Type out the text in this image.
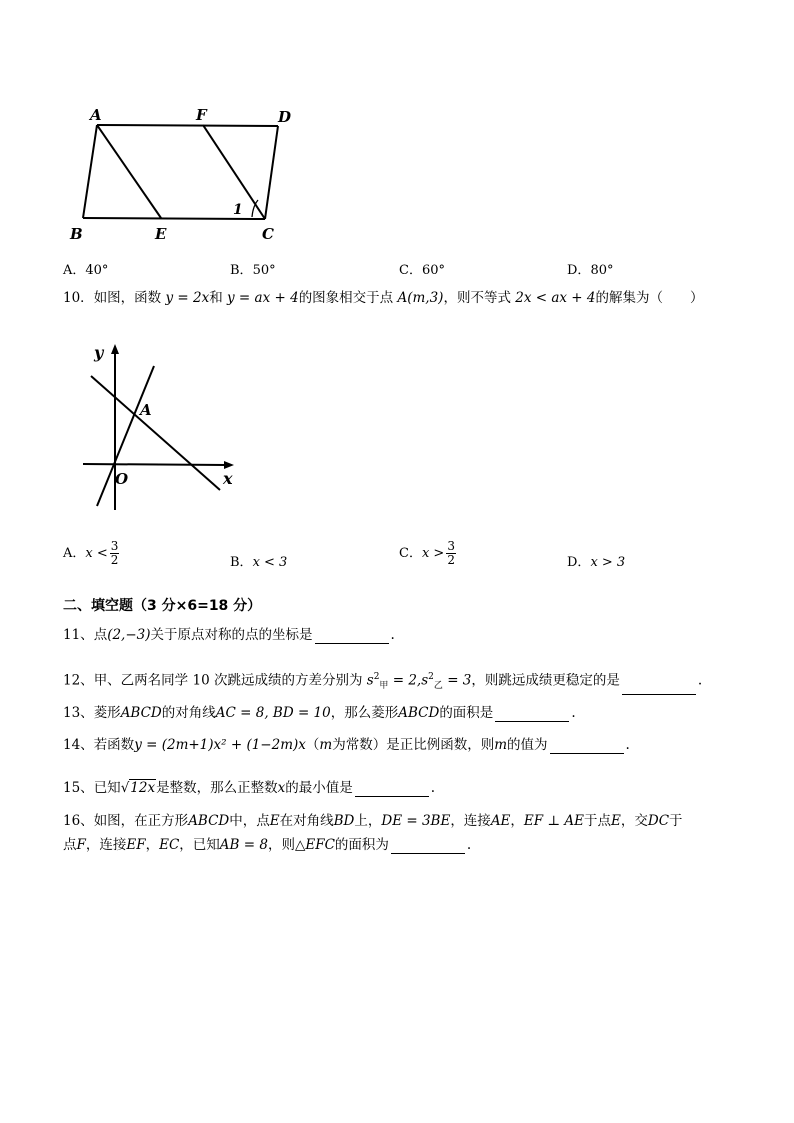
A	F	D
B	E	C
1
A．40°	B．50°	C．60°	D．80°
10．如图，函数 y = 2x和 y = ax + 4的图象相交于点 A(m,3)，则不等式 2x < ax + 4的解集为（　　）
y
A
O	x
A．$x < \frac{3}{2}$	B．x < 3
C．$x > \frac{3}{2}$	D．x > 3
二、填空题（3 分×6=18 分）
11、点(2,−3)关于原点对称的点的坐标是	.
12、甲、乙两名同学 10 次跳远成绩的方差分别为 $s^2_甲 = 2,s^2_乙 = 3$，则跳远成绩更稳定的是	.
13、菱形ABCD的对角线AC = 8, BD = 10，那么菱形ABCD的面积是	.
14、若函数y = (2m+1)x² + (1−2m)x（m为常数）是正比例函数，则m的值为	.
15、已知√12x是整数，那么正整数x的最小值是	.
16、如图，在正方形ABCD中，点E在对角线BD上，DE = 3BE，连接AE，EF ⊥ AE于点E，交DC于
点F，连接EF，EC，已知AB = 8，则△EFC的面积为	.
